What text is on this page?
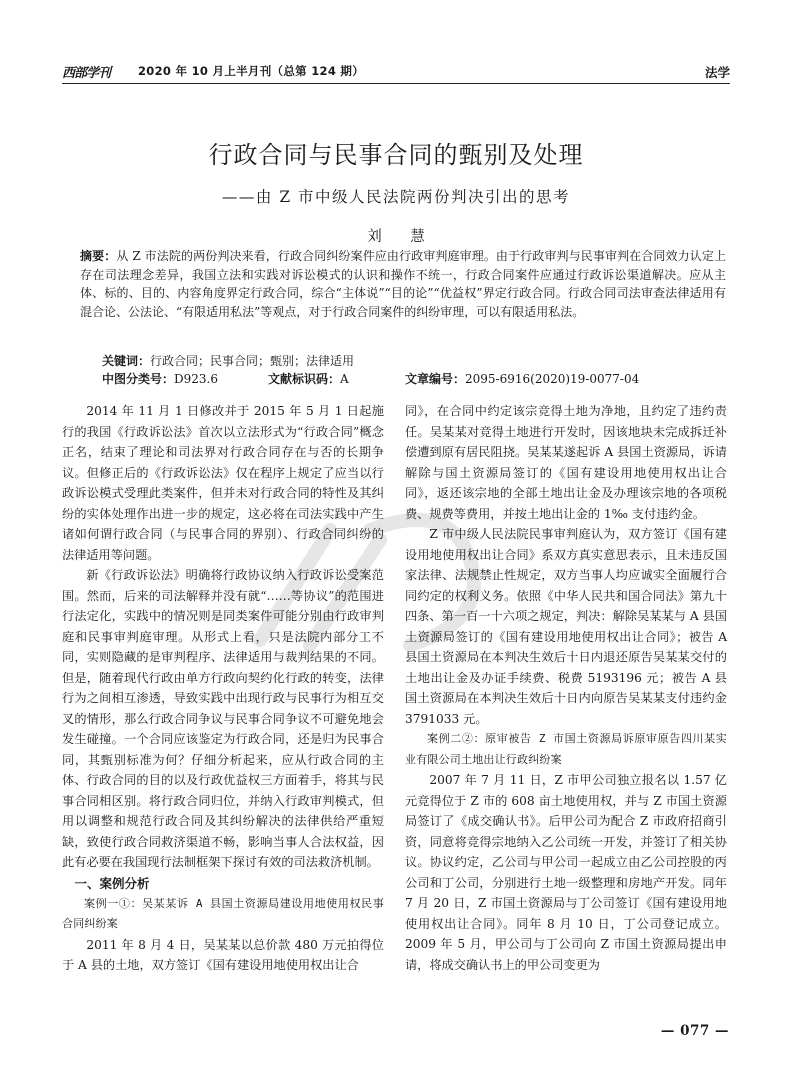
西部学刊 2020 年 10 月上半月刊（总第 124 期）	法学
行政合同与民事合同的甄别及处理
——由 Z 市中级人民法院两份判决引出的思考
刘 慧
摘要：从 Z 市法院的两份判决来看，行政合同纠纷案件应由行政审判庭审理。由于行政审判与民事审判在合同效力认定上存在司法理念差异，我国立法和实践对诉讼模式的认识和操作不统一，行政合同案件应通过行政诉讼渠道解决。应从主体、标的、目的、内容角度界定行政合同，综合“主体说”“目的论”“优益权”界定行政合同。行政合同司法审查法律适用有混合论、公法论、“有限适用私法”等观点，对于行政合同案件的纠纷审理，可以有限适用私法。
关键词：行政合同；民事合同；甄别；法律适用
中图分类号：D923.6	文献标识码：A	文章编号：2095-6916(2020)19-0077-04

2014 年 11 月 1 日修改并于 2015 年 5 月 1 日起施行的我国《行政诉讼法》首次以立法形式为“行政合同”概念正名，结束了理论和司法界对行政合同存在与否的长期争议。但修正后的《行政诉讼法》仅在程序上规定了应当以行政诉讼模式受理此类案件，但并未对行政合同的特性及其纠纷的实体处理作出进一步的规定，这必将在司法实践中产生诸如何谓行政合同（与民事合同的界别）、行政合同纠纷的法律适用等问题。

新《行政诉讼法》明确将行政协议纳入行政诉讼受案范围。然而，后来的司法解释并没有就“……等协议”的范围进行法定化，实践中的情况则是同类案件可能分别由行政审判庭和民事审判庭审理。从形式上看，只是法院内部分工不同，实则隐藏的是审判程序、法律适用与裁判结果的不同。但是，随着现代行政由单方行政向契约化行政的转变，法律行为之间相互渗透，导致实践中出现行政与民事行为相互交叉的情形，那么行政合同争议与民事合同争议不可避免地会发生碰撞。一个合同应该鉴定为行政合同，还是归为民事合同，其甄别标准为何？仔细分析起来，应从行政合同的主体、行政合同的目的以及行政优益权三方面着手，将其与民事合同相区别。将行政合同归位，并纳入行政审判模式，但用以调整和规范行政合同及其纠纷解决的法律供给严重短缺，致使行政合同救济渠道不畅，影响当事人合法权益，因此有必要在我国现行法制框架下探讨有效的司法救济机制。

一、案例分析

案例一①：吴某某诉 A 县国土资源局建设用地使用权民事合同纠纷案

2011 年 8 月 4 日，吴某某以总价款 480 万元拍得位于 A 县的土地，双方签订《国有建设用地使用权出让合

同》，在合同中约定该宗竞得土地为净地，且约定了违约责任。吴某某对竞得土地进行开发时，因该地块未完成拆迁补偿遭到原有居民阻挠。吴某某遂起诉 A 县国土资源局，诉请解除与国土资源局签订的《国有建设用地使用权出让合同》，返还该宗地的全部土地出让金及办理该宗地的各项税费、规费等费用，并按土地出让金的 1‰ 支付违约金。

Z 市中级人民法院民事审判庭认为，双方签订《国有建设用地使用权出让合同》系双方真实意思表示，且未违反国家法律、法规禁止性规定，双方当事人均应诚实全面履行合同约定的权利义务。依照《中华人民共和国合同法》第九十四条、第一百一十六项之规定，判决：解除吴某某与 A 县国土资源局签订的《国有建设用地使用权出让合同》；被告 A 县国土资源局在本判决生效后十日内退还原告吴某某交付的土地出让金及办证手续费、税费 5193196 元；被告 A 县国土资源局在本判决生效后十日内向原告吴某某支付违约金 3791033 元。

案例二②：原审被告 Z 市国土资源局诉原审原告四川某实业有限公司土地出让行政纠纷案

2007 年 7 月 11 日，Z 市甲公司独立报名以 1.57 亿元竞得位于 Z 市的 608 亩土地使用权，并与 Z 市国土资源局签订了《成交确认书》。后甲公司为配合 Z 市政府招商引资，同意将竞得宗地纳入乙公司统一开发，并签订了相关协议。协议约定，乙公司与甲公司一起成立由乙公司控股的丙公司和丁公司，分别进行土地一级整理和房地产开发。同年 7 月 20 日，Z 市国土资源局与丁公司签订《国有建设用地使用权出让合同》。同年 8 月 10 日，丁公司登记成立。2009 年 5 月，甲公司与丁公司向 Z 市国土资源局提出申请，将成交确认书上的甲公司变更为

— 077 —
